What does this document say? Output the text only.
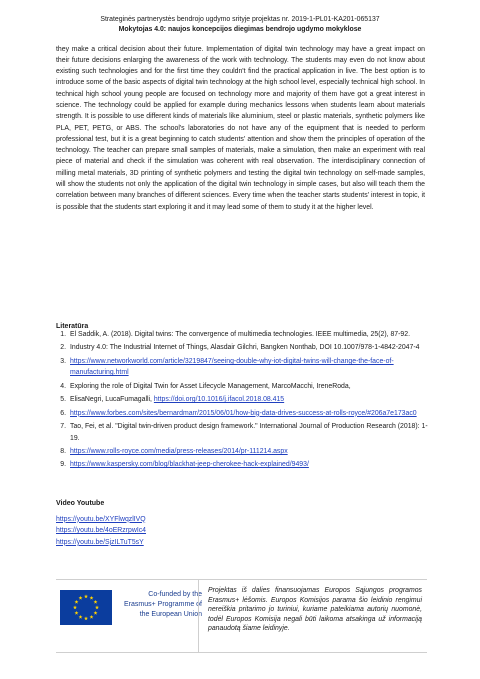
Strateginės partnerystės bendrojo ugdymo srityje projektas nr. 2019-1-PL01-KA201-065137
Mokytojas 4.0: naujos koncepcijos diegimas bendrojo ugdymo mokyklose

they make a critical decision about their future. Implementation of digital twin technology may have a great impact on their future decisions enlarging the awareness of the work with technology. The students may even do not know about existing such technologies and for the first time they couldn't find the practical application in live. The best option is to introduce some of the basic aspects of digital twin technology at the high school level, especially technical high school. In technical high school young people are focused on technology more and majority of them have got a great interest in science. The technology could be applied for example during mechanics lessons when students learn about materials strength. It is possible to use different kinds of materials like aluminium, steel or plastic materials, synthetic polymers like PLA, PET, PETG, or ABS. The school's laboratories do not have any of the equipment that is needed to perform professional test, but it is a great beginning to catch students' attention and show them the principles of operation of the technology. The teacher can prepare small samples of materials, make a simulation, then make an experiment with real piece of material and check if the simulation was coherent with real observation. The interdisciplinary connection of milling metal materials, 3D printing of synthetic polymers and testing the digital twin technology on self-made samples, will show the students not only the application of the digital twin technology in simple cases, but also will teach them the correlation between many branches of different sciences. Every time when the teacher starts students' interest in topic, it is possible that the students start exploring it and it may lead some of them to study it at the higher level.

Literatūra
1. El Saddik, A. (2018). Digital twins: The convergence of multimedia technologies. IEEE multimedia, 25(2), 87-92.
2. Industry 4.0: The Industrial Internet of Things, Alasdair Gilchri, Bangken Nonthab, DOI 10.1007/978-1-4842-2047-4
3. https://www.networkworld.com/article/3219847/seeing-double-why-iot-digital-twins-will-change-the-face-of-manufacturing.html
4. Exploring the role of Digital Twin for Asset Lifecycle Management, MarcoMacchi, IreneRoda,
5. ElisaNegri, LucaFumagalli, https://doi.org/10.1016/j.ifacol.2018.08.415
6. https://www.forbes.com/sites/bernardmarr/2015/06/01/how-big-data-drives-success-at-rolls-royce/#206a7e173ac0
7. Tao, Fei, et al. "Digital twin-driven product design framework." International Journal of Production Research (2018): 1-19.
8. https://www.rolls-royce.com/media/press-releases/2014/pr-111214.aspx
9. https://www.kaspersky.com/blog/blackhat-jeep-cherokee-hack-explained/9493/
Video Youtube
https://youtu.be/XYFlwqzlIVQ
https://youtu.be/4oERzrpwIc4
https://youtu.be/SjzILTuT5sY
Co-funded by the Erasmus+ Programme of the European Union
Projektas iš dalies finansuojamas Europos Sąjungos programos Erasmus+ lėšomis. Europos Komisijos parama šio leidinio rengimui nereiškia pritarimo jo turiniui, kuriame pateikiama autorių nuomonė, todėl Europos Komisija negali būti laikoma atsakinga už informaciją panaudotą šiame leidinyje.
